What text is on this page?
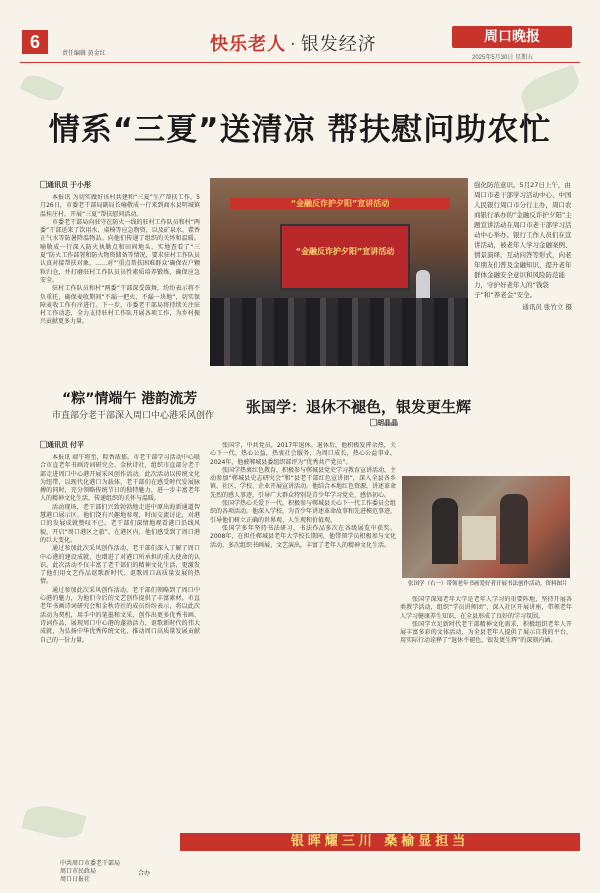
6
责任编辑 黄金红	快乐老人 · 银发经济	周口晚报
2025年5月30日 星期五
情系“三夏”送清凉 帮扶慰问助农忙
▢通讯员 于小彤

本报讯 为切实做好该村共建和“三夏”生产帮扶工作，5月26日，市委老干部局副局长喻敬成一行来到商水县明城镇温桂庄村，开展“三夏”帮扶慰问活动。

市委老干部局向驻守在防火一线的驻村工作队员和村“两委”干部送来了饮用水、桌椅等应急物资，以及矿泉水、藿香正气水等防暑降温物品。向他们传递了组织的关怀和温暖。喻敬成一行深入防火执勤点和田间地头，实地查看了“三夏”防火工作部署和防火物资储备等情况，要求驻村工作队员认真对接帮扶对象，……对“‘重点帮扶困难群众’确保农户颗粒归仓，并打磨驻村工作队员员性素质培养锻炼，确保应急安全。

驻村工作队员和村“两委”干部深受鼓舞，纷纷表示将不负重托，确保麦收期间“不漏一把火、不漏一块地”，切实保障麦收工作有序进行。下一步，市委老干部局将持续关注驻村工作动态，全力支持驻村工作队开展各项工作，为乡村振兴贡献更多力量。

“金融反诈护夕阳”宣讲活动
“金融反诈护夕阳”宣讲活动
强化防范意识。5月27日上午，由周口市老干部学习活动中心、中国人民银行周口市分行主办，周口农商银行承办的“金融反诈护夕阳”主题宣讲活动在周口市老干部学习活动中心举办。银行工作人员们在宣讲活动，被老年人学习金融案例、情景演绎、互动问答等形式，向老年朋友们普及金融知识，提升老年群体金融安全意识和风险防范能力，守护好老年人的“钱袋子”和“养老金”安全。
通讯员 张竹立 摄
“粽”情端午 港韵流芳
市直部分老干部深入周口中心港采风创作
▢通讯员 付平

本报讯 端午将至，粽香浓郁。市老干部学习活动中心联合市直老年书画诗词研究会、金秋诗社，组织市直部分老干部走进周口中心港开展采风创作活动。此次活动以传统文化为纽带，以现代化港口为载体，老干部们在感受时代发展脉搏的同时，充分领略传统节日的独特魅力，进一步丰富老年人的精神文化生活，传递组织的关怀与温暖。

活动现场，老干部们兴致勃勃地走进中原出海新通道智慧港口展示区，他们饶有兴趣地参观，时而交流讨论，对港口的发展成就赞叹不已。老干部们深情地观看港口沿线风貌，开启“周口港区之旅”。在港区内，他们感受到了周口港的巨大变化。

通过参加此次采风创作活动，老干部们深入了解了周口中心港的建设成就，也增进了对港口所承担的重大使命的认识。此次活动不仅丰富了老干部们的精神文化生活，更激发了他们用文艺作品讴歌新时代、讴歌周口高质量发展的热情。

通过参加此次采风创作活动，老干部们领略到了周口中心港的魅力，为他们今后的文艺创作提供了丰富素材。市直老年书画诗词研究会和金秋诗社的成员纷纷表示，将以此次活动为契机，用手中的笔墨和文采，创作出更多优秀书画、诗词作品，展现周口中心港的蓬勃活力，讴歌新时代的伟大成就，为弘扬中华优秀传统文化、推动周口高质量发展贡献自己的一份力量。

张国学：退休不褪色，银发更生辉
▢胡晶晶

张国学，中共党员，2017年退休。退休后，他积极发挥余热，关心下一代，热心公益，热衷社会服务，为周口成长，热心公益事业，2024年，他被郸城县委组织部评为“优秀共产党员”。

张国学热衷红色教育，积极参与郸城县党史学习教育宣讲活动，主动参加“郸城县史志研究会”和“县老干部红色宣讲团”，深入全县各乡镇、社区、学校、企业开展宣讲活动。他结合本地红色资源，讲述革命先烈的感人事迹，引导广大群众特别是青少年学习党史、感悟初心。

张国学热心关爱下一代，积极参与郸城县关心下一代工作委员会组织的各项活动。他深入学校，为青少年讲述革命故事和先进模范事迹，引导他们树立正确的世界观、人生观和价值观。

张国学多年坚持书法研习，书法作品多次在各级展览中获奖。2008年，在担任郸城县老年大学校长期间，他带领学员积极参与文化活动，多次组织书画展、文艺演出，丰富了老年人的精神文化生活。

张国学（右一）带领老年书画爱好者开展书法创作活动。资料图片

张国学深知老年大学是老年人学习的重要阵地，坚持开展各类教学活动，组织“学员讲师团”，深入社区开展讲座，带领老年人学习健康养生知识，在全县形成了良好的学习氛围。

张国学立足新时代老干部精神文化需求，积极组织老年人开展丰富多彩的文体活动，为全县老年人提供了展示自我的平台，用实际行动诠释了“退休不褪色，银发更生辉”的深刻内涵。

银晖耀三川 桑榆显担当
中共周口市委老干部局
周口市民政局
周口日报社
合办
